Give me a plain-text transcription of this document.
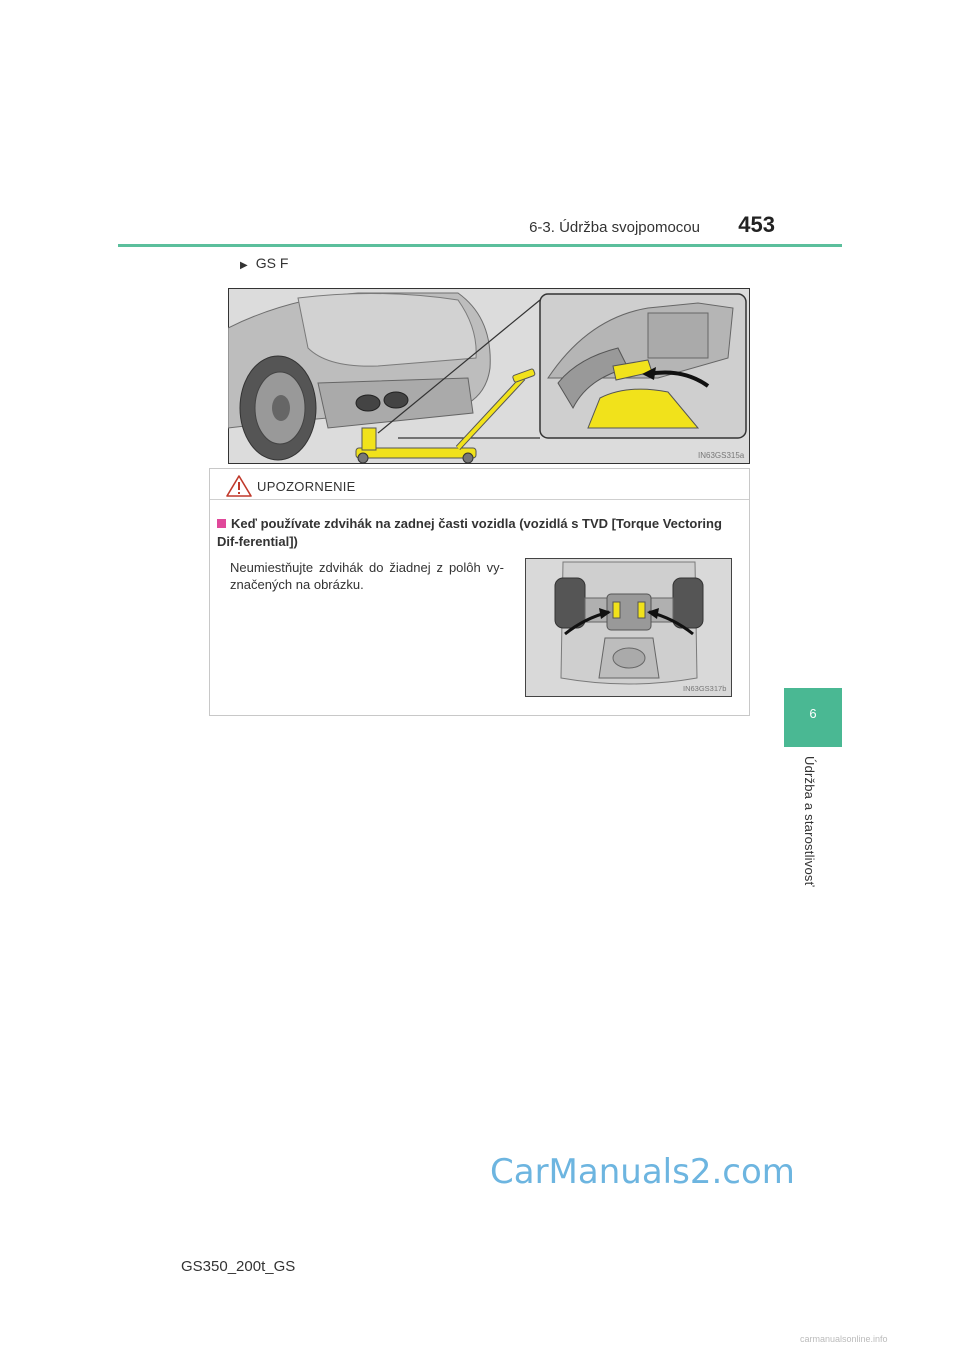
6-3. Údržba svojpomocou	453
6
Údržba a starostlivosť
▶ GS F
IN63GS315a
UPOZORNENIE
Keď používate zdvihák na zadnej časti vozidla (vozidlá s TVD [Torque Vectoring Dif-ferential])
Neumiestňujte zdvihák do žiadnej z polôh vy-značených na obrázku.
IN63GS317b
GS350_200t_GS
CarManuals2.com
carmanualsonline.info
